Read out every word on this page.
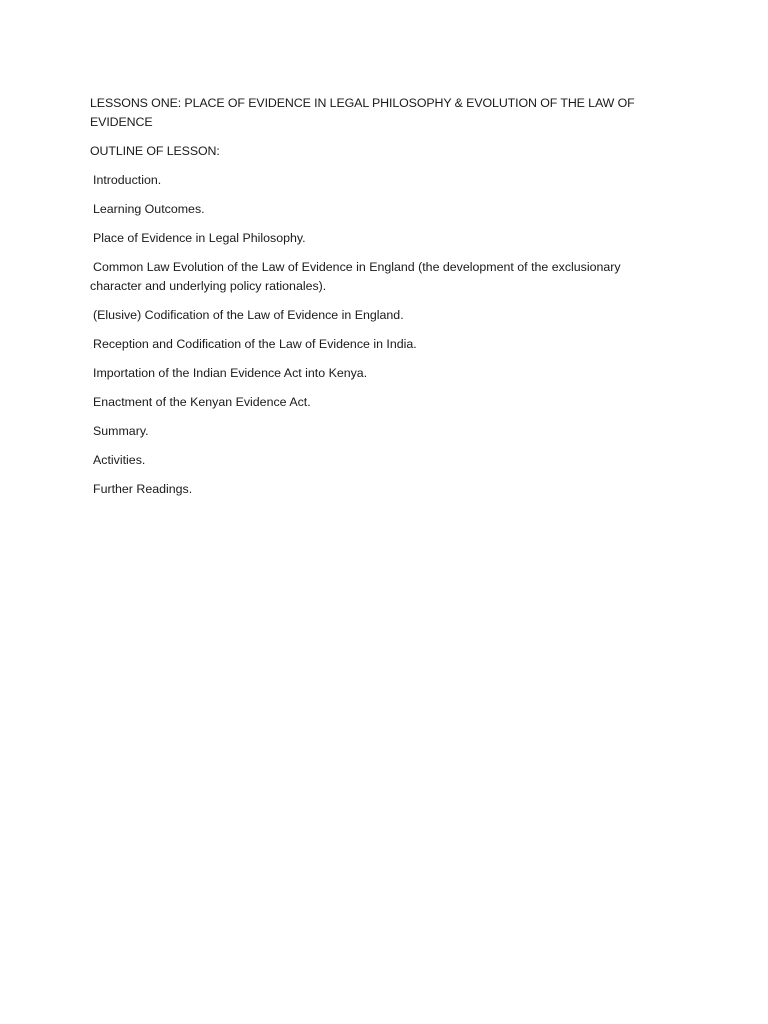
LESSONS ONE: PLACE OF EVIDENCE IN LEGAL PHILOSOPHY & EVOLUTION OF THE LAW OF EVIDENCE

OUTLINE OF LESSON:

Introduction.

Learning Outcomes.

Place of Evidence in Legal Philosophy.

Common Law Evolution of the Law of Evidence in England (the development of the exclusionary character and underlying policy rationales).

(Elusive) Codification of the Law of Evidence in England.

Reception and Codification of the Law of Evidence in India.

Importation of the Indian Evidence Act into Kenya.

Enactment of the Kenyan Evidence Act.

Summary.

Activities.

Further Readings.
